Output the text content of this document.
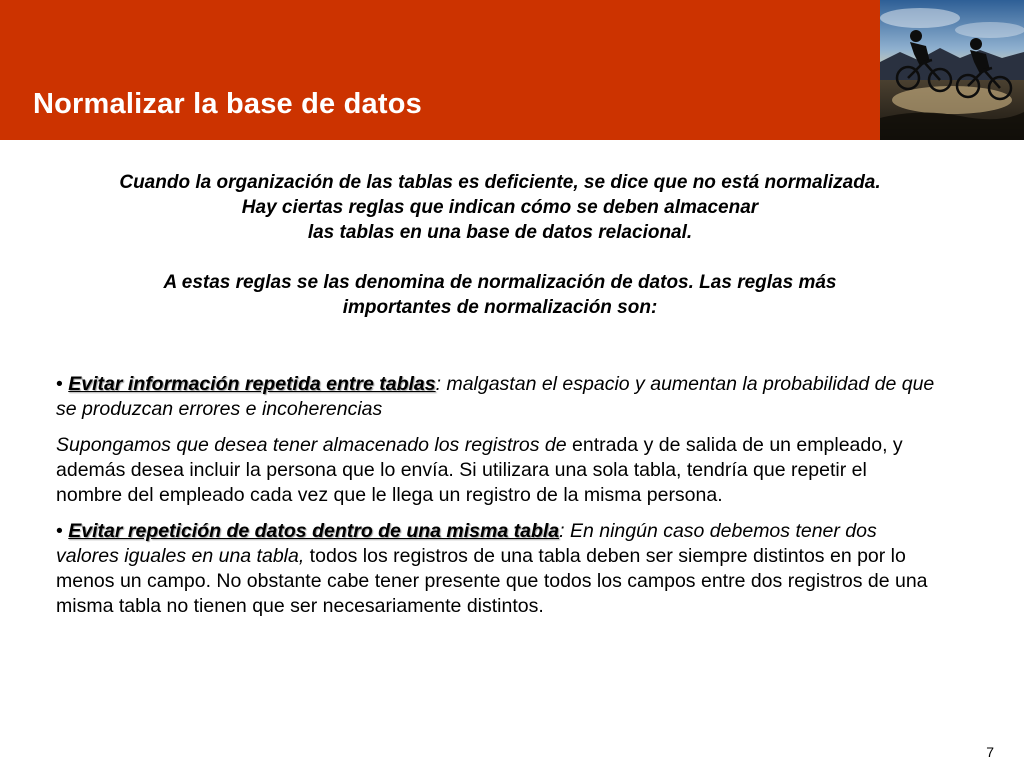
Normalizar la base de datos

Cuando la organización de las tablas es deficiente, se dice que no está normalizada.

Hay ciertas reglas que indican cómo se deben almacenar

las tablas en una base de datos relacional.

A estas reglas se las denomina de normalización de datos. Las reglas más

importantes de normalización son:

• Evitar información repetida entre tablas: malgastan el espacio y aumentan la probabilidad de que se produzcan errores e incoherencias

Supongamos que desea tener almacenado los registros de entrada y de salida de un empleado, y además desea incluir la persona que lo envía. Si utilizara una sola tabla, tendría que repetir el nombre del empleado cada vez que le llega un registro de la misma persona.

• Evitar repetición de datos dentro de una misma tabla: En ningún caso debemos tener dos valores iguales en una tabla, todos los registros de una tabla deben ser siempre distintos en por lo menos un campo. No obstante cabe tener presente que todos los campos entre dos registros de una misma tabla no tienen que ser necesariamente distintos.

7
